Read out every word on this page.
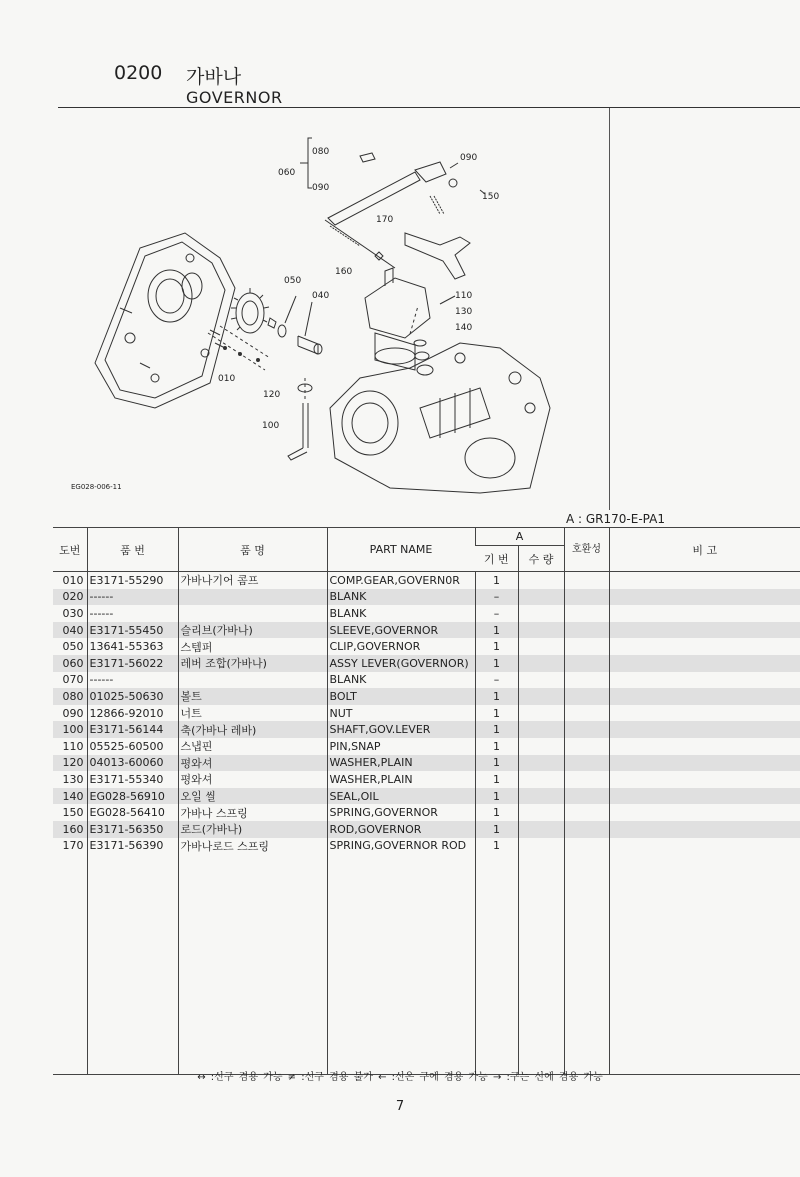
0200 가바나
GOVERNOR
080
060
090
090
150
170
160
050
040	110
130
140
010
120
100
EG028-006-11
A : GR170-E-PA1
도번	품 번	품 명	PART NAME	A		호환성	비 고
				기 번	수 량		
010	E3171-55290	가바나기어 콤프	COMP.GEAR,GOVERN0R	1			
020	------		BLANK	–			
030	------		BLANK	–			
040	E3171-55450	슬리브(가바나)	SLEEVE,GOVERNOR	1			
050	13641-55363	스템퍼	CLIP,GOVERNOR	1			
060	E3171-56022	레버 조합(가바나)	ASSY LEVER(GOVERNOR)	1			
070	------		BLANK	–			
080	01025-50630	볼트	BOLT	1			
090	12866-92010	너트	NUT	1			
100	E3171-56144	축(가바나 레바)	SHAFT,GOV.LEVER	1			
110	05525-60500	스냅핀	PIN,SNAP	1			
120	04013-60060	평와셔	WASHER,PLAIN	1			
130	E3171-55340	평와셔	WASHER,PLAIN	1			
140	EG028-56910	오일 씰	SEAL,OIL	1			
150	EG028-56410	가바나 스프링	SPRING,GOVERNOR	1			
160	E3171-56350	로드(가바나)	ROD,GOVERNOR	1			
170	E3171-56390	가바나로드 스프링	SPRING,GOVERNOR ROD	1			

↔ :신구 겸용 가능 ≠ :신구 겸용 불가 ← :신은 구에 겸용 가능 → :구는 신에 겸용 가능
7
